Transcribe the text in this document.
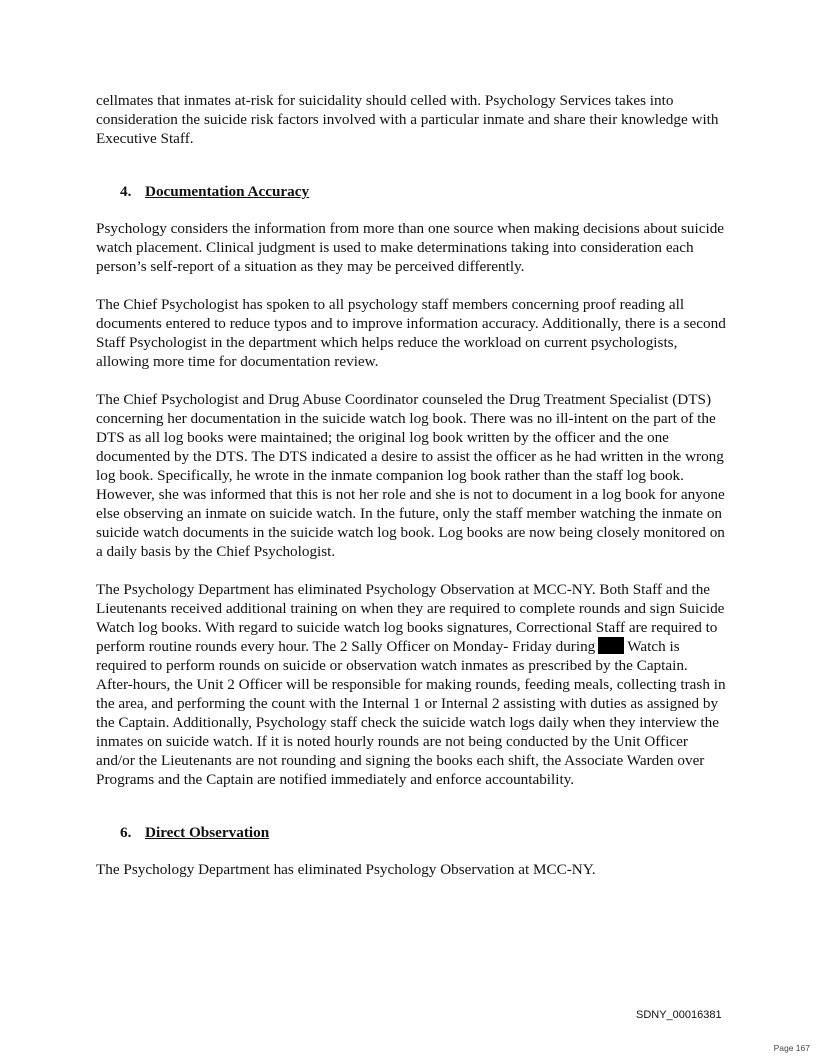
cellmates that inmates at-risk for suicidality should celled with. Psychology Services takes into consideration the suicide risk factors involved with a particular inmate and share their knowledge with Executive Staff.

4. Documentation Accuracy

Psychology considers the information from more than one source when making decisions about suicide watch placement. Clinical judgment is used to make determinations taking into consideration each person’s self-report of a situation as they may be perceived differently.

The Chief Psychologist has spoken to all psychology staff members concerning proof reading all documents entered to reduce typos and to improve information accuracy. Additionally, there is a second Staff Psychologist in the department which helps reduce the workload on current psychologists, allowing more time for documentation review.

The Chief Psychologist and Drug Abuse Coordinator counseled the Drug Treatment Specialist (DTS) concerning her documentation in the suicide watch log book. There was no ill-intent on the part of the DTS as all log books were maintained; the original log book written by the officer and the one documented by the DTS. The DTS indicated a desire to assist the officer as he had written in the wrong log book. Specifically, he wrote in the inmate companion log book rather than the staff log book. However, she was informed that this is not her role and she is not to document in a log book for anyone else observing an inmate on suicide watch. In the future, only the staff member watching the inmate on suicide watch documents in the suicide watch log book. Log books are now being closely monitored on a daily basis by the Chief Psychologist.

The Psychology Department has eliminated Psychology Observation at MCC-NY. Both Staff and the Lieutenants received additional training on when they are required to complete rounds and sign Suicide Watch log books. With regard to suicide watch log books signatures, Correctional Staff are required to perform routine rounds every hour. The 2 Sally Officer on Monday- Friday during Watch is required to perform rounds on suicide or observation watch inmates as prescribed by the Captain. After-hours, the Unit 2 Officer will be responsible for making rounds, feeding meals, collecting trash in the area, and performing the count with the Internal 1 or Internal 2 assisting with duties as assigned by the Captain. Additionally, Psychology staff check the suicide watch logs daily when they interview the inmates on suicide watch. If it is noted hourly rounds are not being conducted by the Unit Officer and/or the Lieutenants are not rounding and signing the books each shift, the Associate Warden over Programs and the Captain are notified immediately and enforce accountability.

6. Direct Observation

The Psychology Department has eliminated Psychology Observation at MCC-NY.

SDNY_00016381
Page 167
